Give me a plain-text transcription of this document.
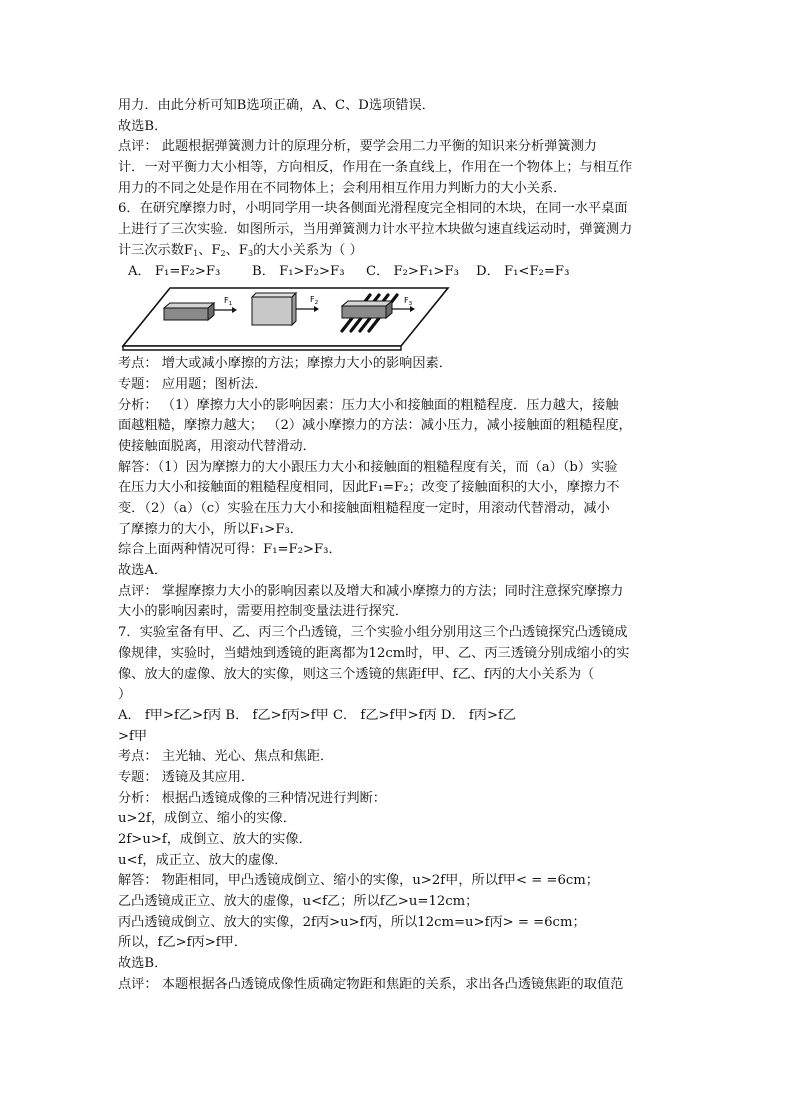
用力．由此分析可知B选项正确，A、C、D选项错误．
故选B．
点评： 此题根据弹簧测力计的原理分析，要学会用二力平衡的知识来分析弹簧测力
计．一对平衡力大小相等，方向相反，作用在一条直线上，作用在一个物体上；与相互作
用力的不同之处是作用在不同物体上；会利用相互作用力判断力的大小关系．
6．在研究摩擦力时，小明同学用一块各侧面光滑程度完全相同的木块，在同一水平桌面
上进行了三次实验．如图所示，当用弹簧测力计水平拉木块做匀速直线运动时，弹簧测力
计三次示数$F_1$、$F_2$、$F_3$的大小关系为（ ）
A． F₁=F₂>F₃ B． F₁>F₂>F₃ C． F₂>F₁>F₃ D． F₁<F₂=F₃
$F_1$	$F_2$	$F_3$
考点： 增大或减小摩擦的方法；摩擦力大小的影响因素．
专题： 应用题；图析法．
分析： （1）摩擦力大小的影响因素：压力大小和接触面的粗糙程度．压力越大，接触
面越粗糙，摩擦力越大； （2）减小摩擦力的方法：减小压力，减小接触面的粗糙程度，
使接触面脱离，用滚动代替滑动．
解答：（1）因为摩擦力的大小跟压力大小和接触面的粗糙程度有关，而（a）（b）实验
在压力大小和接触面的粗糙程度相同，因此F₁=F₂；改变了接触面积的大小，摩擦力不
变．（2）（a）（c）实验在压力大小和接触面粗糙程度一定时，用滚动代替滑动，减小
了摩擦力的大小，所以F₁>F₃．
综合上面两种情况可得：F₁=F₂>F₃．
故选A．
点评： 掌握摩擦力大小的影响因素以及增大和减小摩擦力的方法；同时注意探究摩擦力
大小的影响因素时，需要用控制变量法进行探究．
7．实验室备有甲、乙、丙三个凸透镜，三个实验小组分别用这三个凸透镜探究凸透镜成
像规律，实验时，当蜡烛到透镜的距离都为12cm时，甲、乙、丙三透镜分别成缩小的实
像、放大的虚像、放大的实像，则这三个透镜的焦距f甲、f乙、f丙的大小关系为（
）
A． f甲>f乙>f丙 B． f乙>f丙>f甲 C． f乙>f甲>f丙 D． f丙>f乙
>f甲
考点： 主光轴、光心、焦点和焦距．
专题： 透镜及其应用．
分析： 根据凸透镜成像的三种情况进行判断：
u>2f，成倒立、缩小的实像．
2f>u>f，成倒立、放大的实像．
u<f，成正立、放大的虚像．
解答： 物距相同，甲凸透镜成倒立、缩小的实像，u>2f甲，所以f甲< = =6cm；
乙凸透镜成正立、放大的虚像，u<f乙；所以f乙>u=12cm；
丙凸透镜成倒立、放大的实像，2f丙>u>f丙，所以12cm=u>f丙> = =6cm；
所以，f乙>f丙>f甲．
故选B．
点评： 本题根据各凸透镜成像性质确定物距和焦距的关系，求出各凸透镜焦距的取值范
